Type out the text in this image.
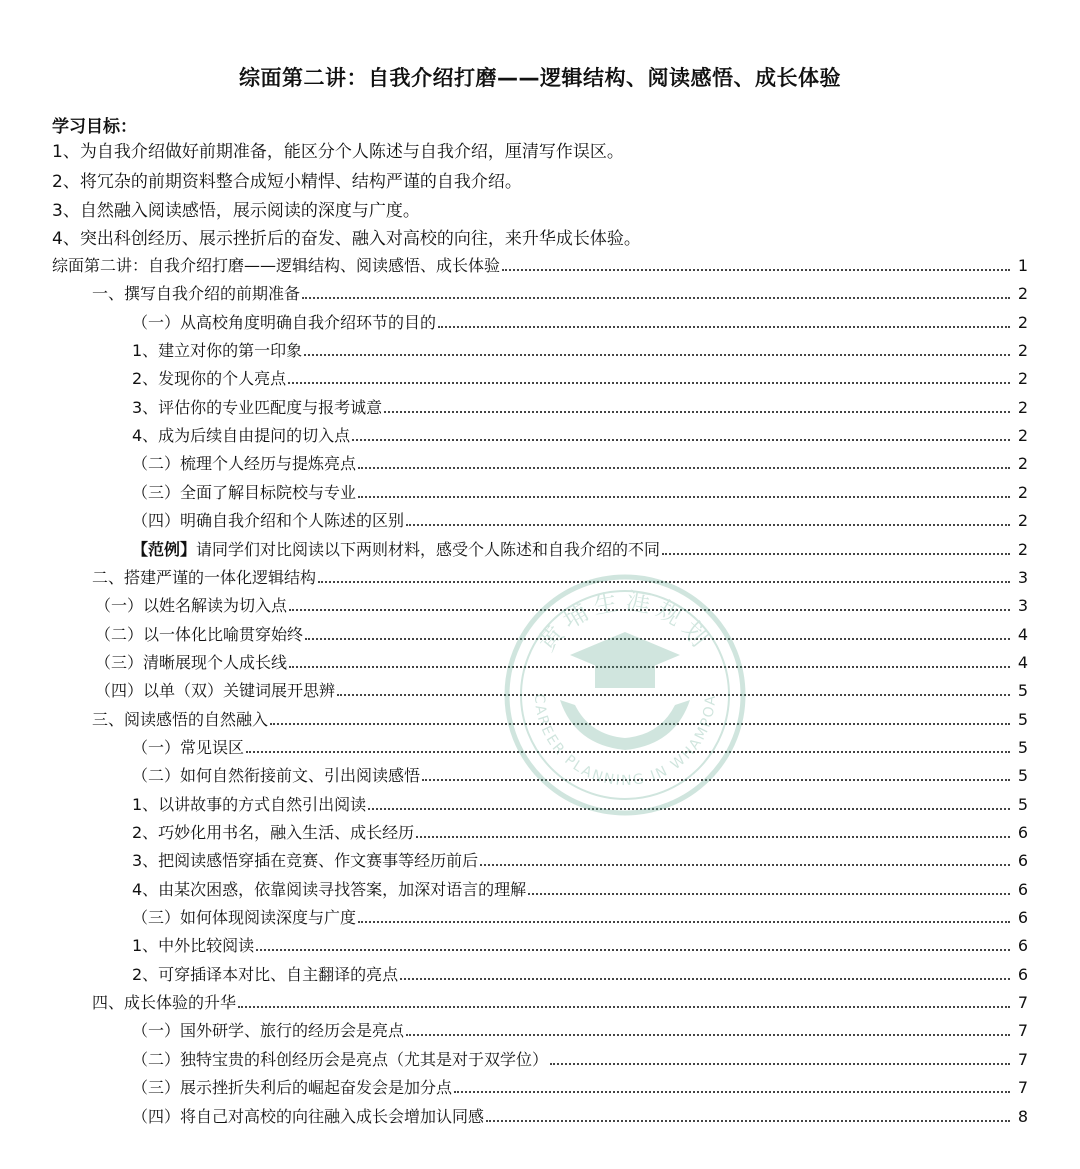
综面第二讲：自我介绍打磨——逻辑结构、阅读感悟、成长体验
学习目标：
1、为自我介绍做好前期准备，能区分个人陈述与自我介绍，厘清写作误区。
2、将冗杂的前期资料整合成短小精悍、结构严谨的自我介绍。
3、自然融入阅读感悟，展示阅读的深度与广度。
4、突出科创经历、展示挫折后的奋发、融入对高校的向往，来升华成长体验。
综面第二讲：自我介绍打磨——逻辑结构、阅读感悟、成长体验	1
一、撰写自我介绍的前期准备	2
（一）从高校角度明确自我介绍环节的目的	2
1、建立对你的第一印象	2
2、发现你的个人亮点	2
3、评估你的专业匹配度与报考诚意	2
4、成为后续自由提问的切入点	2
（二）梳理个人经历与提炼亮点	2
（三）全面了解目标院校与专业	2
（四）明确自我介绍和个人陈述的区别	2
【范例】请同学们对比阅读以下两则材料，感受个人陈述和自我介绍的不同	2
二、搭建严谨的一体化逻辑结构	3
（一）以姓名解读为切入点	3
（二）以一体化比喻贯穿始终	4
（三）清晰展现个人成长线	4
（四）以单（双）关键词展开思辨	5
三、阅读感悟的自然融入	5
（一）常见误区	5
（二）如何自然衔接前文、引出阅读感悟	5
1、以讲故事的方式自然引出阅读	5
2、巧妙化用书名，融入生活、成长经历	6
3、把阅读感悟穿插在竞赛、作文赛事等经历前后	6
4、由某次困惑，依靠阅读寻找答案，加深对语言的理解	6
（三）如何体现阅读深度与广度	6
1、中外比较阅读	6
2、可穿插译本对比、自主翻译的亮点	6
四、成长体验的升华	7
（一）国外研学、旅行的经历会是亮点	7
（二）独特宝贵的科创经历会是亮点（尤其是对于双学位）	7
（三）展示挫折失利后的崛起奋发会是加分点	7
（四）将自己对高校的向往融入成长会增加认同感	8
黄埔生涯规划
CAREER PLANNING IN WHAMPOA
